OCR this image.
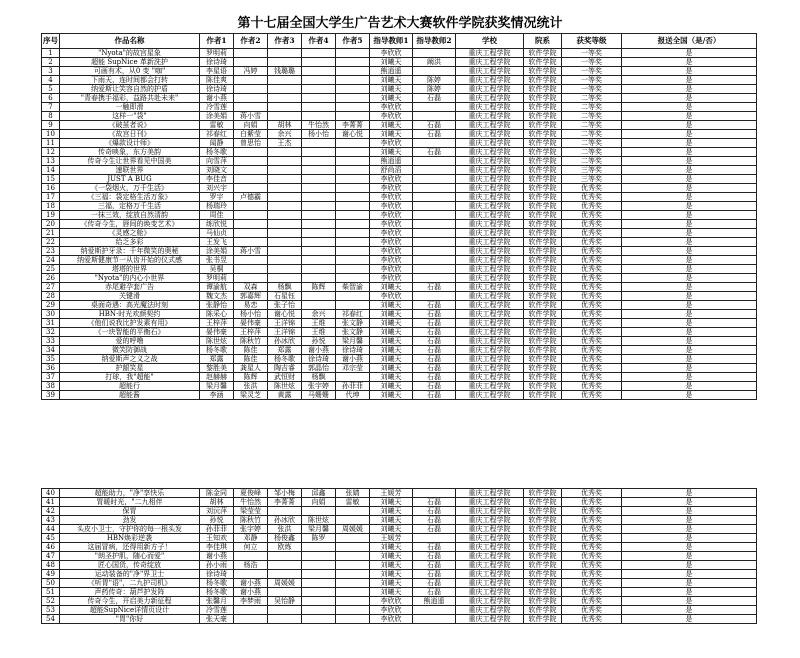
第十七届全国大学生广告艺术大赛软件学院获奖情况统计
序号	作品名称	作者1	作者2	作者3	作者4	作者5	指导教师1	指导教师2	学校	院系	获奖等级	报送全国（是/否）
1	"Nyota"的故宫星象	罗明莉					李欣欣		重庆工程学院	软件学院	一等奖	是
2	超能 SupNice 革新洗护	徐诗琦					刘曦天	阚洪	重庆工程学院	软件学院	一等奖	是
3	可画有术，从0 变 "咖"	李星语	冯婷	钱璐璐			熊逍遥		重庆工程学院	软件学院	一等奖	是
4	下雨天，连时间都会打转	陈佳爽					刘曦天	陈婷	重庆工程学院	软件学院	一等奖	是
5	纳爱斯让笑容自然的护盾	徐诗琦					刘曦天	陈婷	重庆工程学院	软件学院	一等奖	是
6	"青春携手福彩，益路共赴未来"	谢小燕					刘曦天	石磊	重庆工程学院	软件学院	二等奖	是
7	一触即滑	冷雪莲					李欣欣		重庆工程学院	软件学院	二等奖	是
8	这样一"袋"	涂美娟	蒋小雪				李欣欣		重庆工程学院	软件学院	二等奖	是
9	《破茧者说》	雷敏	向娟	胡林	牛怡然	李菁菁	刘曦天	石磊	重庆工程学院	软件学院	二等奖	是
10	《故宫日刊》	祁春红	白紫莹	余兴	杨小怡	谢心悦	刘曦天	石磊	重庆工程学院	软件学院	二等奖	是
11	《爆款设计师》	闻静	曾思怡	王杰			李欣欣		重庆工程学院	软件学院	二等奖	是
12	传奇映象，东方美韵	杨冬歌					刘曦天	石磊	重庆工程学院	软件学院	二等奖	是
13	传奇今生让世界看见中国美	向雪萍					熊逍遥		重庆工程学院	软件学院	二等奖	是
14	速联世界	刘晓文					舒尚滔		重庆工程学院	软件学院	三等奖	是
15	JUST A BUG	李佳音					李欣欣		重庆工程学院	软件学院	三等奖	是
16	《一袋烟火，万千生活》	刘兴宇					李欣欣		重庆工程学院	软件学院	优秀奖	是
17	《三福：袋定格生活万象》	罗宇	卢德霸				李欣欣		重庆工程学院	软件学院	优秀奖	是
18	三福，定格万千生活	杨瑞玲					李欣欣		重庆工程学院	软件学院	优秀奖	是
19	一抹三效，绽放自然清韵	周佳					李欣欣		重庆工程学院	软件学院	优秀奖	是
20	《传奇今生，唇间的焕变艺术》	练欣悦					李欣欣		重庆工程学院	软件学院	优秀奖	是
21	《灵感之舱》	马仙贞					李欣欣		重庆工程学院	软件学院	优秀奖	是
22	给乏多彩	王发飞					李欣欣		重庆工程学院	软件学院	优秀奖	是
23	纳爱斯护牙录：千年微笑的奥秘	涂美娟	蒋小雪				李欣欣		重庆工程学院	软件学院	优秀奖	是
24	纳爱斯健康节一从齿开始的仪式感	张书昱					李欣欣		重庆工程学院	软件学院	优秀奖	是
25	塔塔的世界	吴桐					李欣欣		重庆工程学院	软件学院	优秀奖	是
26	"Nyota"的内心小世界	罗明莉					李欣欣		重庆工程学院	软件学院	优秀奖	是
27	赤尾避孕套广告	谭渝航	双森	杨飘	陈辉	柴智渝	刘曦天	石磊	重庆工程学院	软件学院	优秀奖	是
28	关键滑	魏文杰	郭嘉辉	石星钰			李欣欣		重庆工程学院	软件学院	优秀奖	是
29	桌面奇遇：高光魔法时刻	张静怡	易恋	张子怡			刘曦天	石磊	重庆工程学院	软件学院	优秀奖	是
30	HBN·时光欢颜契约	陈采心	杨小怡	谢心悦	余兴	祁春红	刘曦天	石磊	重庆工程学院	软件学院	优秀奖	是
31	《他们说我比护发素有用》	王梓萍	晏伟豪	王洋锦	王维	张文静	刘曦天	石磊	重庆工程学院	软件学院	优秀奖	是
32	《一块智能的平衡石》	晏伟豪	王梓萍	王洋锦	王维	张文静	刘曦天	石磊	重庆工程学院	软件学院	优秀奖	是
33	爱的呼噜	陈世炫	陈秋竹	孙冰欣	孙悦	梁月馨	刘曦天	石磊	重庆工程学院	软件学院	优秀奖	是
34	微笑防御战	杨冬歌	陈佳	郑露	谢小燕	徐诗琦	刘曦天	石磊	重庆工程学院	软件学院	优秀奖	是
35	纳爱斯声之义之战	郑露	陈佳	杨冬歌	徐诗琦	谢小燕	刘曦天	石磊	重庆工程学院	软件学院	优秀奖	是
36	护龈笑星	黎胜美	龚星人	陶吉睿	郭晶怡	邓宗莹	刘曦天	石磊	重庆工程学院	软件学院	优秀奖	是
37	打球，我"超能"	赵赫赫	陈辉	武恒财	杨飘		刘曦天	石磊	重庆工程学院	软件学院	优秀奖	是
38	超能行	梁月馨	张洪	陈世炫	张宇婷	孙菲菲	刘曦天	石磊	重庆工程学院	软件学院	优秀奖	是
39	超能酱	李涵	梁灵芝	黄露	马姗姗	代坤	刘曦天	石磊	重庆工程学院	软件学院	优秀奖	是
40	超能助力，"净"享快乐	陈金同	夏俊峰	邹小梅	邱鑫	张婧	王媛芳		重庆工程学院	软件学院	优秀奖	是
41	胃暖时光，"二九相伴	胡林	牛怡然	李菁菁	向娟	雷敏	刘曦天	石磊	重庆工程学院	软件学院	优秀奖	是
42	保胃	刘沅萍	梁莹莹				刘曦天	石磊	重庆工程学院	软件学院	优秀奖	是
43	劲发	孙悦	陈秋竹	孙冰欣	陈世炫		刘曦天	石磊	重庆工程学院	软件学院	优秀奖	是
44	头皮小卫士，守护你的每一根头发	孙菲菲	张宇婷	张洪	梁月馨	周媛媛	刘曦天	石磊	重庆工程学院	软件学院	优秀奖	是
45	HBN焕彩逆袭	王知欢	邓静	杨俊鑫	陈罗		王媛芳		重庆工程学院	软件学院	优秀奖	是
46	这届冒病，还得用新方子！	李佳琪	何立	欧炼			刘曦天	石磊	重庆工程学院	软件学院	优秀奖	是
47	"朗圣护肌，随心而爱"	谢小燕					刘曦天	石磊	重庆工程学院	软件学院	优秀奖	是
48	匠心国货，传奇绽放	孙小雨	杨浩				刘曦天	石磊	重庆工程学院	软件学院	优秀奖	是
49	运动装备的"净"界卫士	徐诗琦					刘曦天	石磊	重庆工程学院	软件学院	优秀奖	是
50	《听胃"语"，二九护司机》	杨冬歌	谢小燕	周媛媛			刘曦天	石磊	重庆工程学院	软件学院	优秀奖	是
51	声药传奇：葫芦护发阵	杨冬歌	谢小燕				刘曦天	石磊	重庆工程学院	软件学院	优秀奖	是
52	传奇今生，开启美力新征程	张馨月	李梦雨	吴怡静			李欣欣	熊逍遥	重庆工程学院	软件学院	优秀奖	是
53	超能SupNice详情页设计	冷雪莲					李欣欣		重庆工程学院	软件学院	优秀奖	是
54	"胃"你好	张天豪					李欣欣		重庆工程学院	软件学院	优秀奖	是
